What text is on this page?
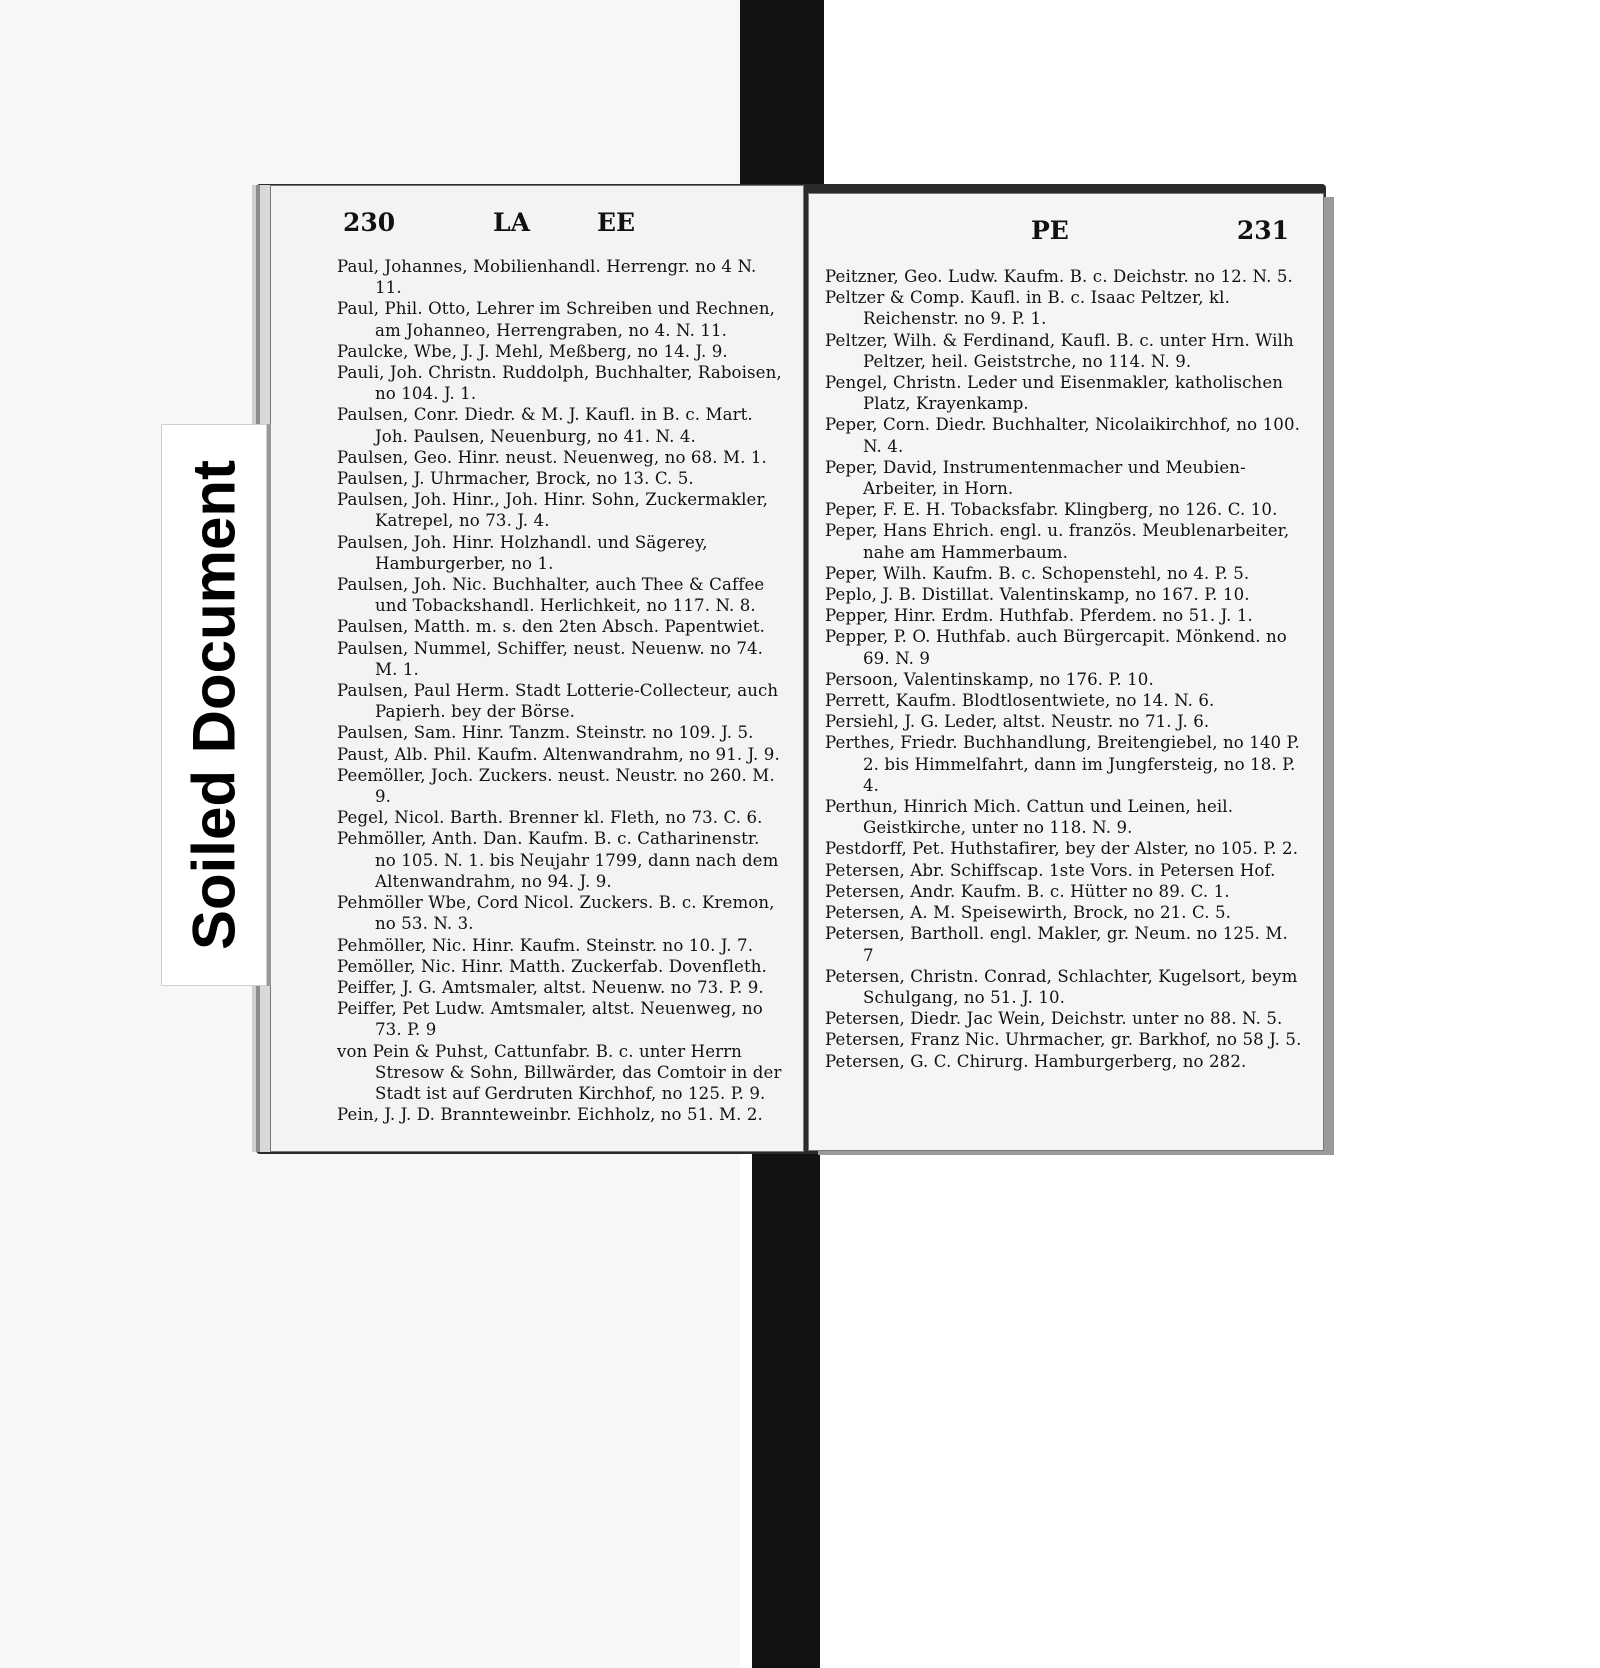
230	LA	EE
Paul, Johannes, Mobilienhandl. Herrengr. no 4 N. 11.
Paul, Phil. Otto, Lehrer im Schreiben und Rechnen, am Johanneo, Herrengraben, no 4. N. 11.
Paulcke, Wbe, J. J. Mehl, Meßberg, no 14. J. 9.
Pauli, Joh. Christn. Ruddolph, Buchhalter, Raboisen, no 104. J. 1.
Paulsen, Conr. Diedr. & M. J. Kaufl. in B. c. Mart. Joh. Paulsen, Neuenburg, no 41. N. 4.
Paulsen, Geo. Hinr. neust. Neuenweg, no 68. M. 1.
Paulsen, J. Uhrmacher, Brock, no 13. C. 5.
Paulsen, Joh. Hinr., Joh. Hinr. Sohn, Zuckermakler, Katrepel, no 73. J. 4.
Paulsen, Joh. Hinr. Holzhandl. und Sägerey, Hamburgerber, no 1.
Paulsen, Joh. Nic. Buchhalter, auch Thee & Caffee und Tobackshandl. Herlichkeit, no 117. N. 8.
Paulsen, Matth. m. s. den 2ten Absch. Papentwiet.
Paulsen, Nummel, Schiffer, neust. Neuenw. no 74. M. 1.
Paulsen, Paul Herm. Stadt Lotterie-Collecteur, auch Papierh. bey der Börse.
Paulsen, Sam. Hinr. Tanzm. Steinstr. no 109. J. 5.
Paust, Alb. Phil. Kaufm. Altenwandrahm, no 91. J. 9.
Peemöller, Joch. Zuckers. neust. Neustr. no 260. M. 9.
Pegel, Nicol. Barth. Brenner kl. Fleth, no 73. C. 6.
Pehmöller, Anth. Dan. Kaufm. B. c. Catharinenstr. no 105. N. 1. bis Neujahr 1799, dann nach dem Altenwandrahm, no 94. J. 9.
Pehmöller Wbe, Cord Nicol. Zuckers. B. c. Kremon, no 53. N. 3.
Pehmöller, Nic. Hinr. Kaufm. Steinstr. no 10. J. 7.
Pemöller, Nic. Hinr. Matth. Zuckerfab. Dovenfleth.
Peiffer, J. G. Amtsmaler, altst. Neuenw. no 73. P. 9.
Peiffer, Pet Ludw. Amtsmaler, altst. Neuenweg, no 73. P. 9
von Pein & Puhst, Cattunfabr. B. c. unter Herrn Stresow & Sohn, Billwärder, das Comtoir in der Stadt ist auf Gerdruten Kirchhof, no 125. P. 9.
Pein, J. J. D. Brannteweinbr. Eichholz, no 51. M. 2.
PE	231
Peitzner, Geo. Ludw. Kaufm. B. c. Deichstr. no 12. N. 5.
Peltzer & Comp. Kaufl. in B. c. Isaac Peltzer, kl. Reichenstr. no 9. P. 1.
Peltzer, Wilh. & Ferdinand, Kaufl. B. c. unter Hrn. Wilh Peltzer, heil. Geiststrche, no 114. N. 9.
Pengel, Christn. Leder und Eisenmakler, katholischen Platz, Krayenkamp.
Peper, Corn. Diedr. Buchhalter, Nicolaikirchhof, no 100. N. 4.
Peper, David, Instrumentenmacher und Meubien-Arbeiter, in Horn.
Peper, F. E. H. Tobacksfabr. Klingberg, no 126. C. 10.
Peper, Hans Ehrich. engl. u. französ. Meublenarbeiter, nahe am Hammerbaum.
Peper, Wilh. Kaufm. B. c. Schopenstehl, no 4. P. 5.
Peplo, J. B. Distillat. Valentinskamp, no 167. P. 10.
Pepper, Hinr. Erdm. Huthfab. Pferdem. no 51. J. 1.
Pepper, P. O. Huthfab. auch Bürgercapit. Mönkend. no 69. N. 9
Persoon, Valentinskamp, no 176. P. 10.
Perrett, Kaufm. Blodtlosentwiete, no 14. N. 6.
Persiehl, J. G. Leder, altst. Neustr. no 71. J. 6.
Perthes, Friedr. Buchhandlung, Breitengiebel, no 140 P. 2. bis Himmelfahrt, dann im Jungfersteig, no 18. P. 4.
Perthun, Hinrich Mich. Cattun und Leinen, heil. Geistkirche, unter no 118. N. 9.
Pestdorff, Pet. Huthstafirer, bey der Alster, no 105. P. 2.
Petersen, Abr. Schiffscap. 1ste Vors. in Petersen Hof.
Petersen, Andr. Kaufm. B. c. Hütter no 89. C. 1.
Petersen, A. M. Speisewirth, Brock, no 21. C. 5.
Petersen, Bartholl. engl. Makler, gr. Neum. no 125. M. 7
Petersen, Christn. Conrad, Schlachter, Kugelsort, beym Schulgang, no 51. J. 10.
Petersen, Diedr. Jac Wein, Deichstr. unter no 88. N. 5.
Petersen, Franz Nic. Uhrmacher, gr. Barkhof, no 58 J. 5.
Petersen, G. C. Chirurg. Hamburgerberg, no 282.
Soiled Document
